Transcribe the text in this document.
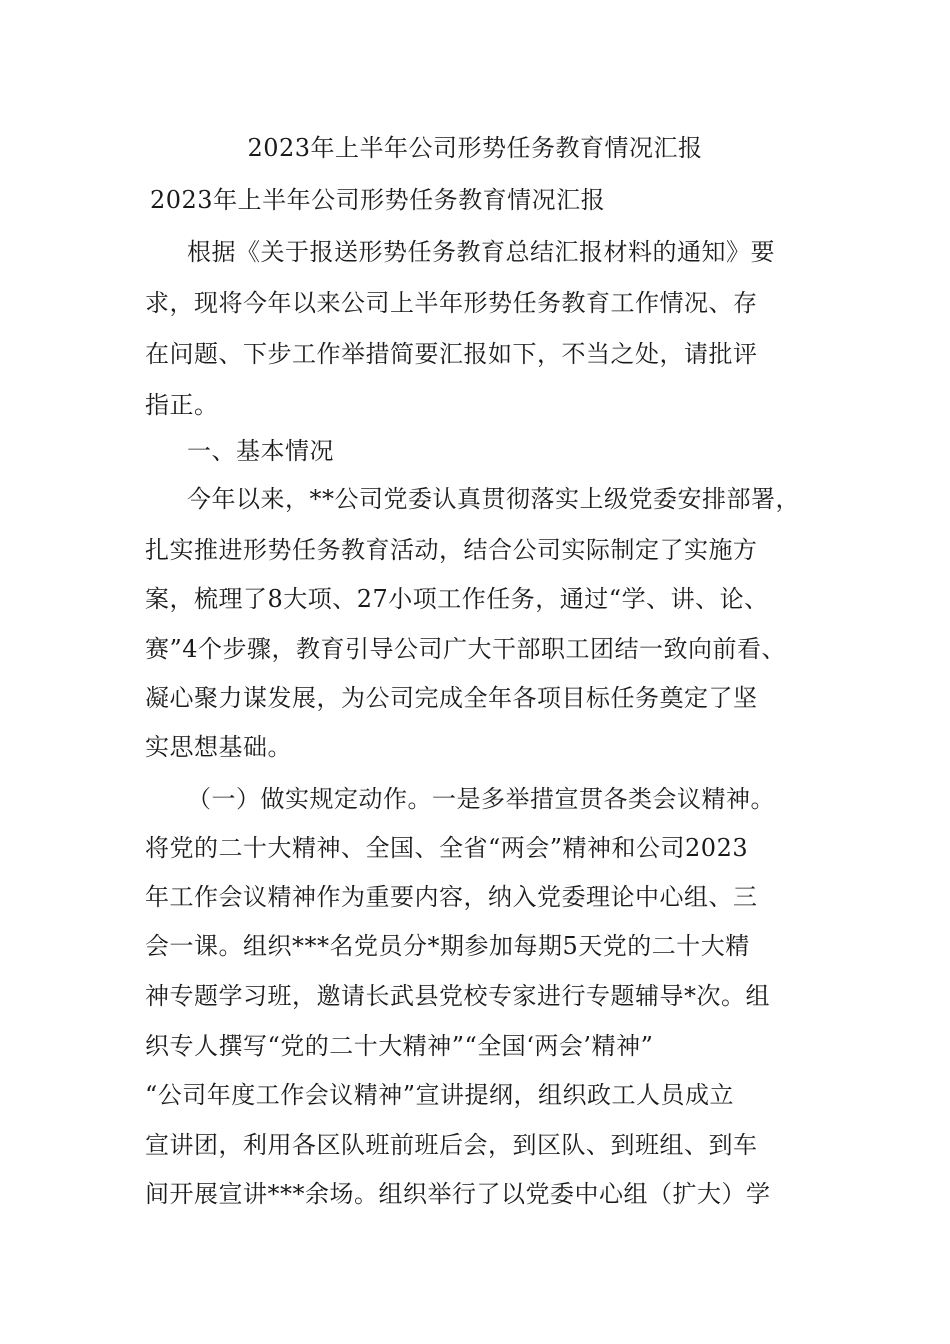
2023年上半年公司形势任务教育情况汇报
2023年上半年公司形势任务教育情况汇报
根据《关于报送形势任务教育总结汇报材料的通知》要
求，现将今年以来公司上半年形势任务教育工作情况、存
在问题、下步工作举措简要汇报如下，不当之处，请批评
指正。
一、基本情况
今年以来，**公司党委认真贯彻落实上级党委安排部署，
扎实推进形势任务教育活动，结合公司实际制定了实施方
案，梳理了8大项、27小项工作任务，通过“学、讲、论、
赛”4个步骤，教育引导公司广大干部职工团结一致向前看、
凝心聚力谋发展，为公司完成全年各项目标任务奠定了坚
实思想基础。
（一）做实规定动作。一是多举措宣贯各类会议精神。
将党的二十大精神、全国、全省“两会”精神和公司2023
年工作会议精神作为重要内容，纳入党委理论中心组、三
会一课。组织***名党员分*期参加每期5天党的二十大精
神专题学习班，邀请长武县党校专家进行专题辅导*次。组
织专人撰写“党的二十大精神”“全国‘两会’精神”
“公司年度工作会议精神”宣讲提纲，组织政工人员成立
宣讲团，利用各区队班前班后会，到区队、到班组、到车
间开展宣讲***余场。组织举行了以党委中心组（扩大）学
